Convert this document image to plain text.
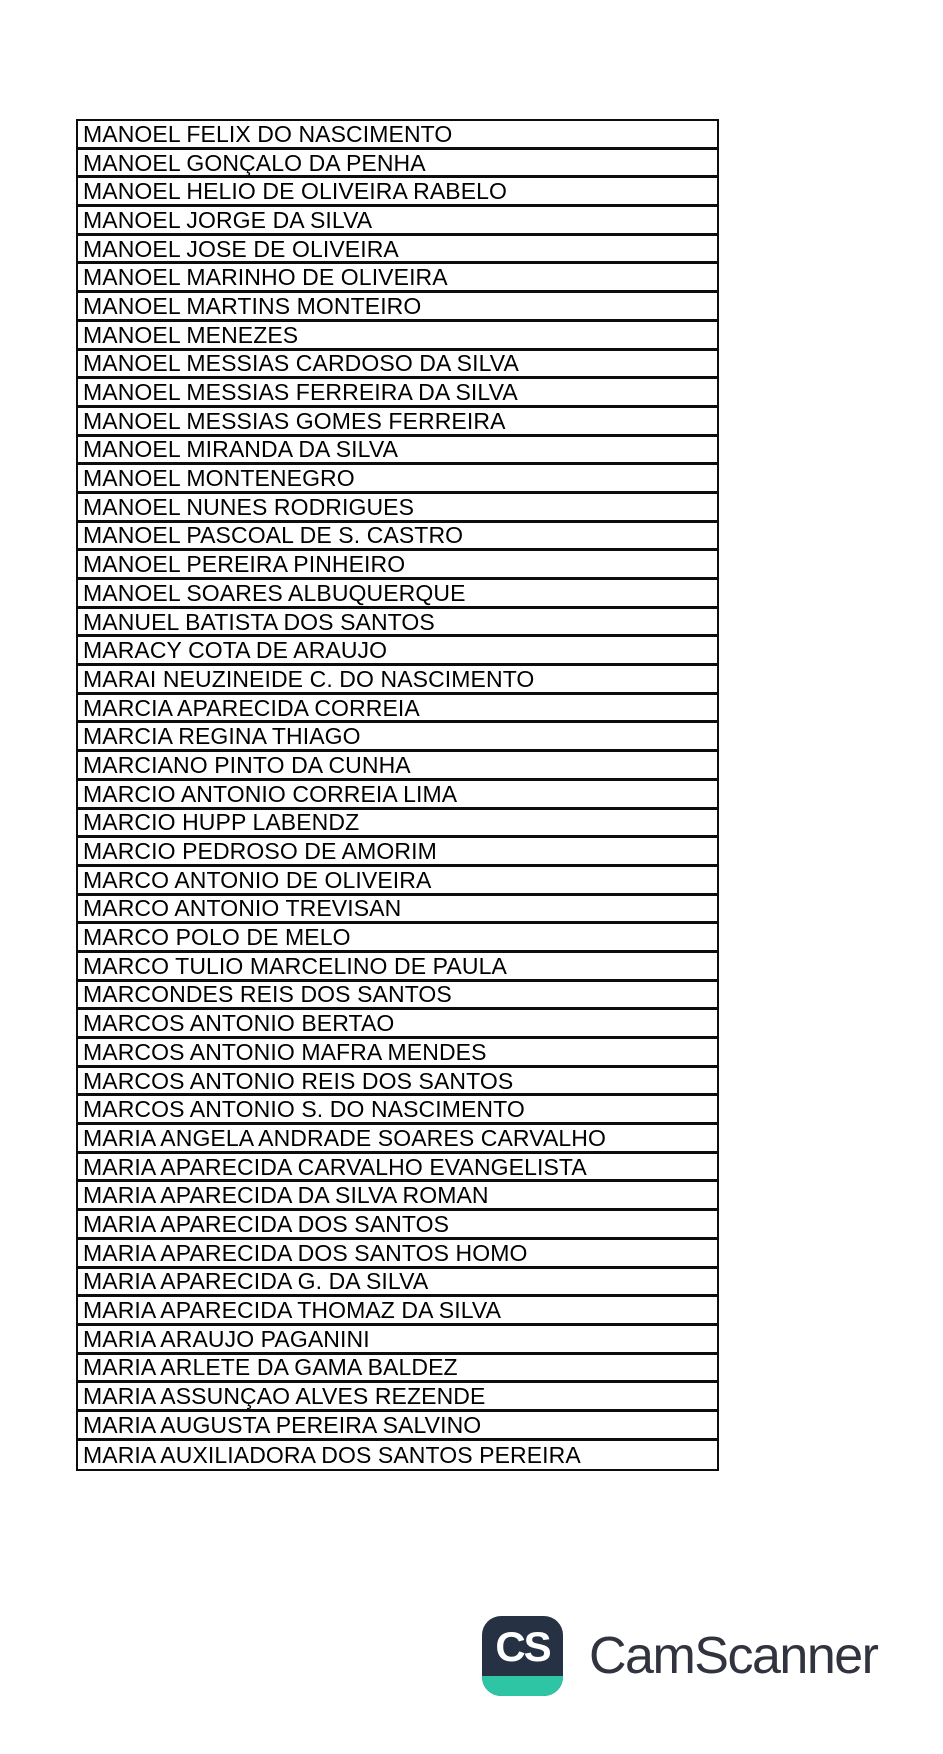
MANOEL FELIX DO NASCIMENTO
MANOEL GONÇALO DA PENHA
MANOEL HELIO DE OLIVEIRA RABELO
MANOEL JORGE DA SILVA
MANOEL JOSE DE OLIVEIRA
MANOEL MARINHO DE OLIVEIRA
MANOEL MARTINS MONTEIRO
MANOEL MENEZES
MANOEL MESSIAS CARDOSO DA SILVA
MANOEL MESSIAS FERREIRA DA SILVA
MANOEL MESSIAS GOMES FERREIRA
MANOEL MIRANDA DA SILVA
MANOEL MONTENEGRO
MANOEL NUNES RODRIGUES
MANOEL PASCOAL DE S. CASTRO
MANOEL PEREIRA PINHEIRO
MANOEL SOARES ALBUQUERQUE
MANUEL BATISTA DOS SANTOS
MARACY COTA DE ARAUJO
MARAI NEUZINEIDE C. DO NASCIMENTO
MARCIA APARECIDA CORREIA
MARCIA REGINA THIAGO
MARCIANO PINTO DA CUNHA
MARCIO ANTONIO CORREIA LIMA
MARCIO HUPP LABENDZ
MARCIO PEDROSO DE AMORIM
MARCO ANTONIO DE OLIVEIRA
MARCO ANTONIO TREVISAN
MARCO POLO DE MELO
MARCO TULIO MARCELINO DE PAULA
MARCONDES REIS DOS SANTOS
MARCOS ANTONIO BERTAO
MARCOS ANTONIO MAFRA MENDES
MARCOS ANTONIO REIS DOS SANTOS
MARCOS ANTONIO S. DO NASCIMENTO
MARIA ANGELA ANDRADE SOARES CARVALHO
MARIA APARECIDA CARVALHO EVANGELISTA
MARIA APARECIDA DA SILVA ROMAN
MARIA APARECIDA DOS SANTOS
MARIA APARECIDA DOS SANTOS HOMO
MARIA APARECIDA G. DA SILVA
MARIA APARECIDA THOMAZ DA SILVA
MARIA ARAUJO PAGANINI
MARIA ARLETE DA GAMA BALDEZ
MARIA ASSUNÇAO ALVES REZENDE
MARIA AUGUSTA PEREIRA SALVINO
MARIA AUXILIADORA DOS SANTOS PEREIRA
CS CamScanner
